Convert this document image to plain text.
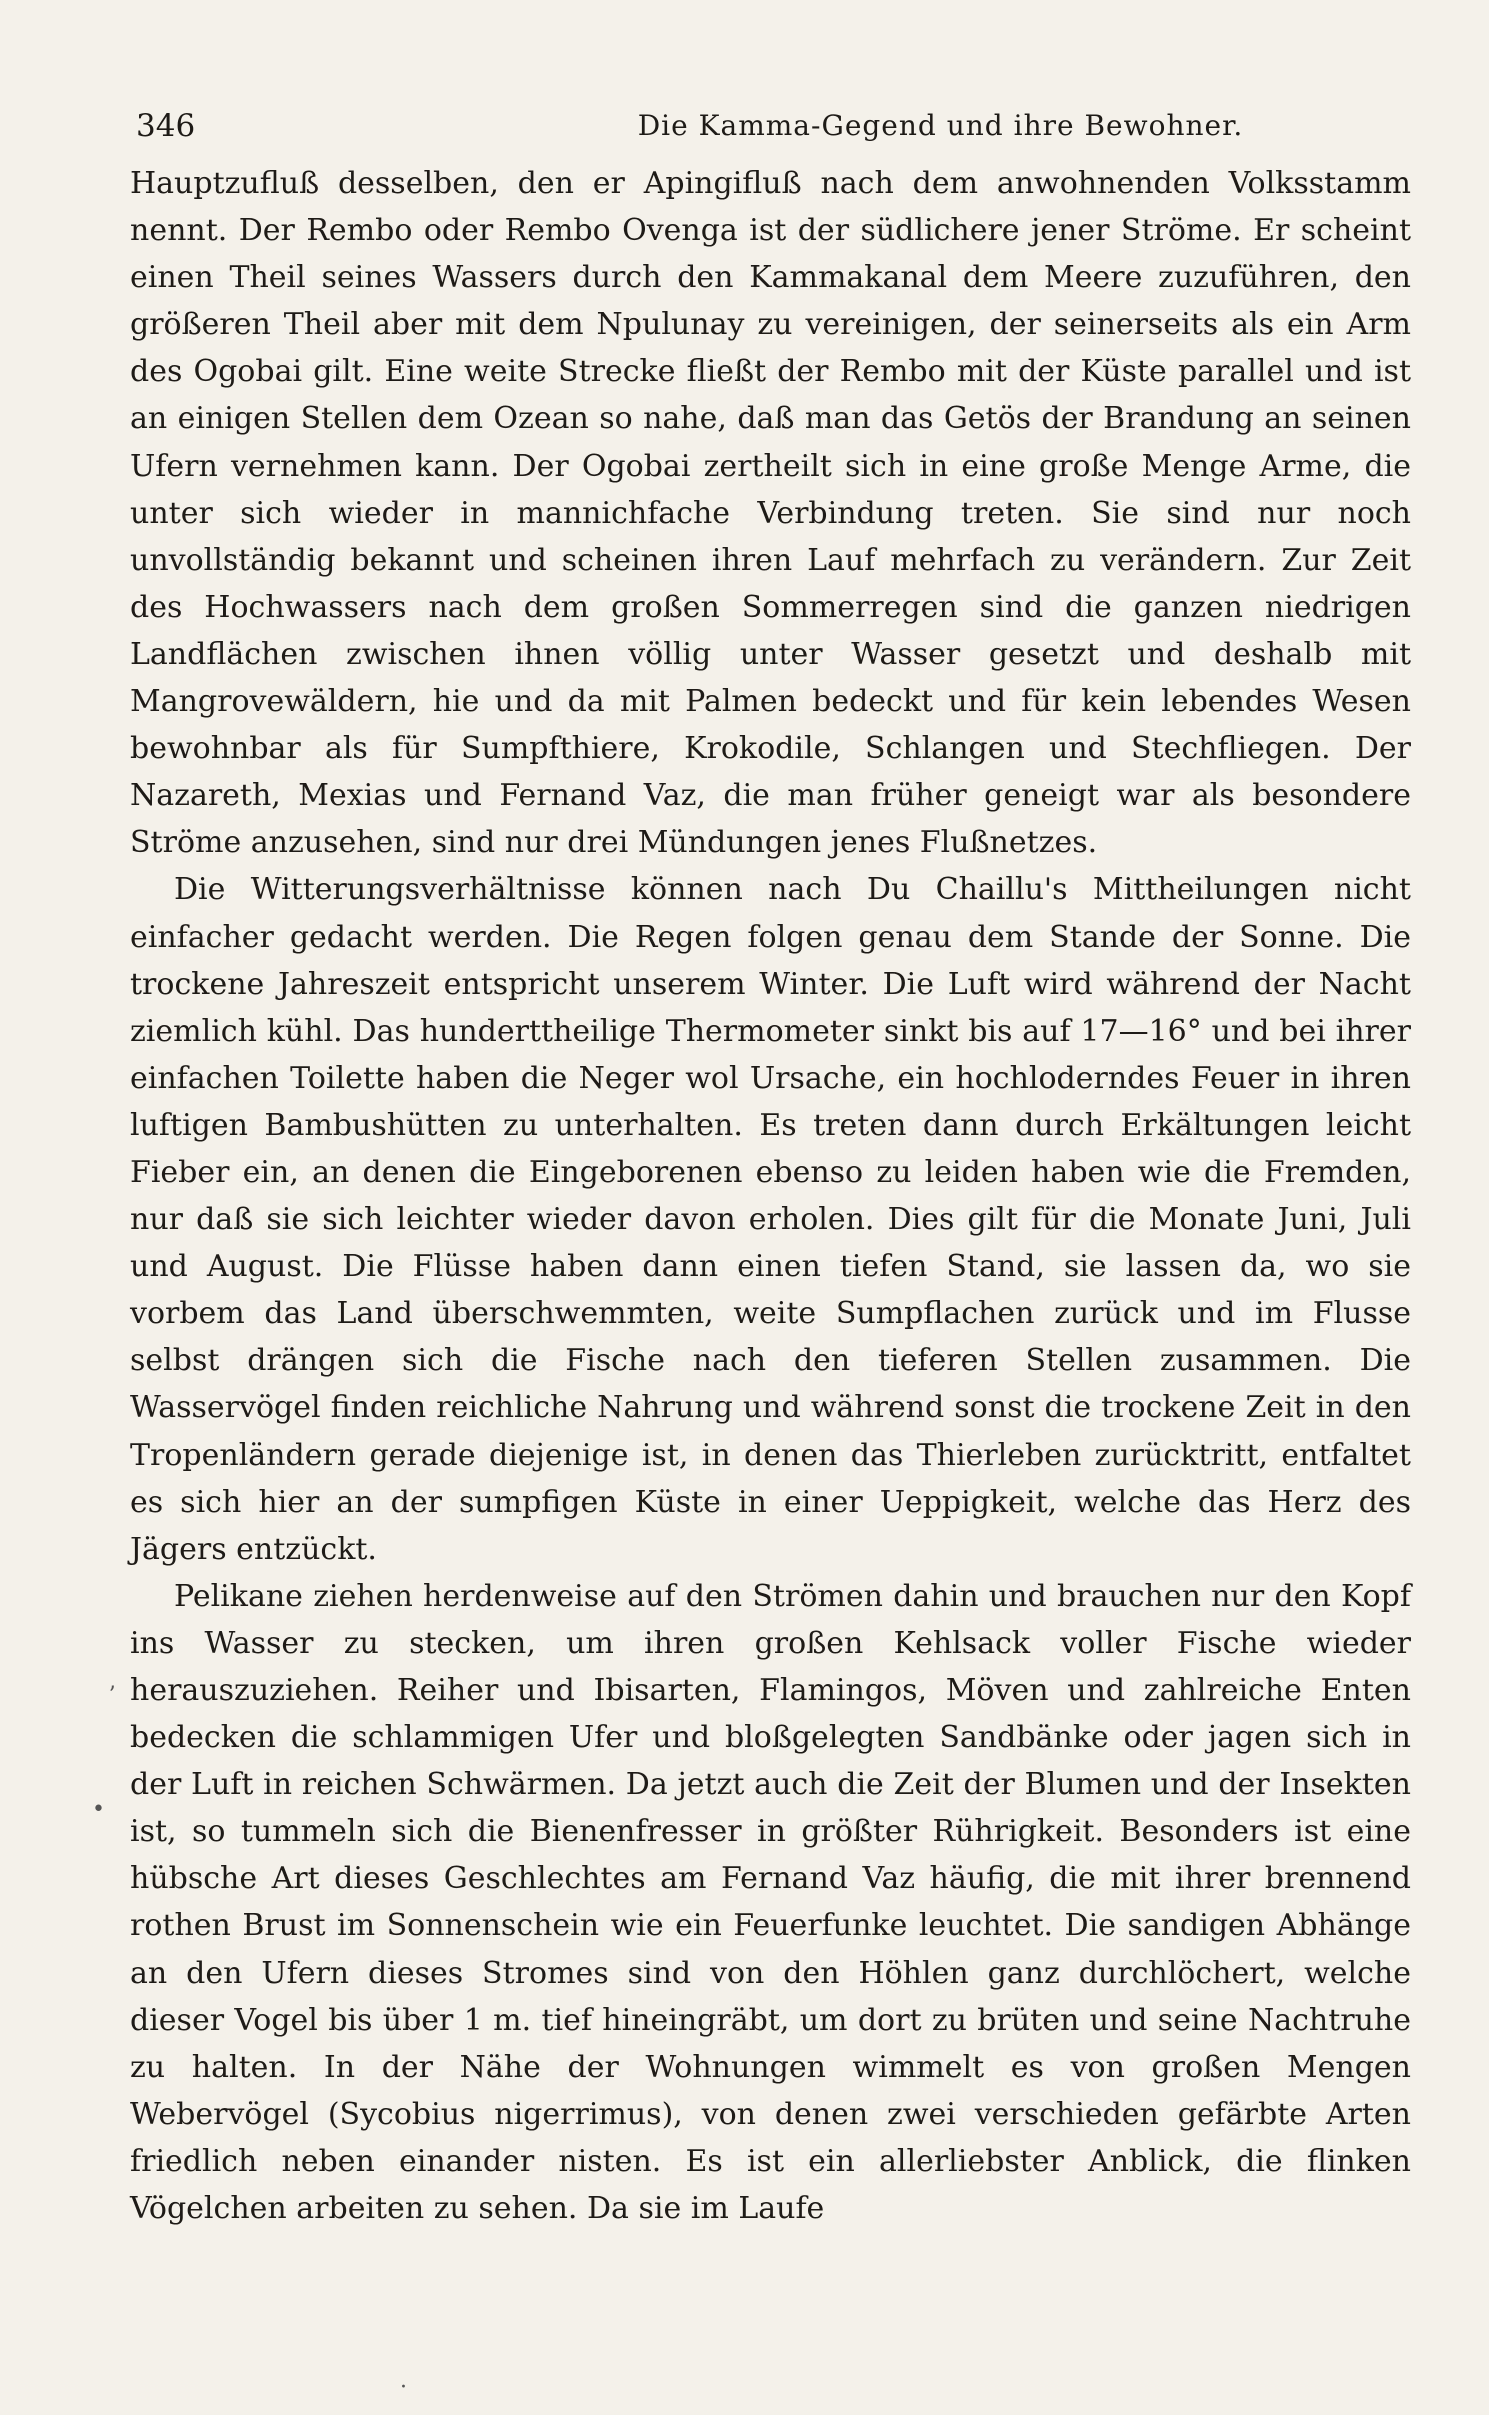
346	Die Kamma-Gegend und ihre Bewohner.

Hauptzufluß desselben, den er Apingifluß nach dem anwohnenden Volksstamm nennt. Der Rembo oder Rembo Ovenga ist der südlichere jener Ströme. Er scheint einen Theil seines Wassers durch den Kammakanal dem Meere zuzuführen, den größeren Theil aber mit dem Npulunay zu vereinigen, der seinerseits als ein Arm des Ogobai gilt. Eine weite Strecke fließt der Rembo mit der Küste parallel und ist an einigen Stellen dem Ozean so nahe, daß man das Getös der Brandung an seinen Ufern vernehmen kann. Der Ogobai zertheilt sich in eine große Menge Arme, die unter sich wieder in mannichfache Verbindung treten. Sie sind nur noch unvollständig bekannt und scheinen ihren Lauf mehrfach zu verändern. Zur Zeit des Hochwassers nach dem großen Sommerregen sind die ganzen niedrigen Landflächen zwischen ihnen völlig unter Wasser gesetzt und deshalb mit Mangrovewäldern, hie und da mit Palmen bedeckt und für kein lebendes Wesen bewohnbar als für Sumpfthiere, Krokodile, Schlangen und Stechfliegen. Der Nazareth, Mexias und Fernand Vaz, die man früher geneigt war als besondere Ströme anzusehen, sind nur drei Mündungen jenes Flußnetzes.

Die Witterungsverhältnisse können nach Du Chaillu's Mittheilungen nicht einfacher gedacht werden. Die Regen folgen genau dem Stande der Sonne. Die trockene Jahreszeit entspricht unserem Winter. Die Luft wird während der Nacht ziemlich kühl. Das hunderttheilige Thermometer sinkt bis auf 17—16° und bei ihrer einfachen Toilette haben die Neger wol Ursache, ein hochloderndes Feuer in ihren luftigen Bambushütten zu unterhalten. Es treten dann durch Erkältungen leicht Fieber ein, an denen die Eingeborenen ebenso zu leiden haben wie die Fremden, nur daß sie sich leichter wieder davon erholen. Dies gilt für die Monate Juni, Juli und August. Die Flüsse haben dann einen tiefen Stand, sie lassen da, wo sie vorbem das Land überschwemmten, weite Sumpflachen zurück und im Flusse selbst drängen sich die Fische nach den tieferen Stellen zusammen. Die Wasservögel finden reichliche Nahrung und während sonst die trockene Zeit in den Tropenländern gerade diejenige ist, in denen das Thierleben zurücktritt, entfaltet es sich hier an der sumpfigen Küste in einer Ueppigkeit, welche das Herz des Jägers entzückt.

Pelikane ziehen herdenweise auf den Strömen dahin und brauchen nur den Kopf ins Wasser zu stecken, um ihren großen Kehlsack voller Fische wieder herauszuziehen. Reiher und Ibisarten, Flamingos, Möven und zahlreiche Enten bedecken die schlammigen Ufer und bloßgelegten Sandbänke oder jagen sich in der Luft in reichen Schwärmen. Da jetzt auch die Zeit der Blumen und der Insekten ist, so tummeln sich die Bienenfresser in größter Rührigkeit. Besonders ist eine hübsche Art dieses Geschlechtes am Fernand Vaz häufig, die mit ihrer brennend rothen Brust im Sonnenschein wie ein Feuerfunke leuchtet. Die sandigen Abhänge an den Ufern dieses Stromes sind von den Höhlen ganz durchlöchert, welche dieser Vogel bis über 1 m. tief hineingräbt, um dort zu brüten und seine Nachtruhe zu halten. In der Nähe der Wohnungen wimmelt es von großen Mengen Webervögel (Sycobius nigerrimus), von denen zwei verschieden gefärbte Arten friedlich neben einander nisten. Es ist ein allerliebster Anblick, die flinken Vögelchen arbeiten zu sehen. Da sie im Laufe

ʼ
•
·
